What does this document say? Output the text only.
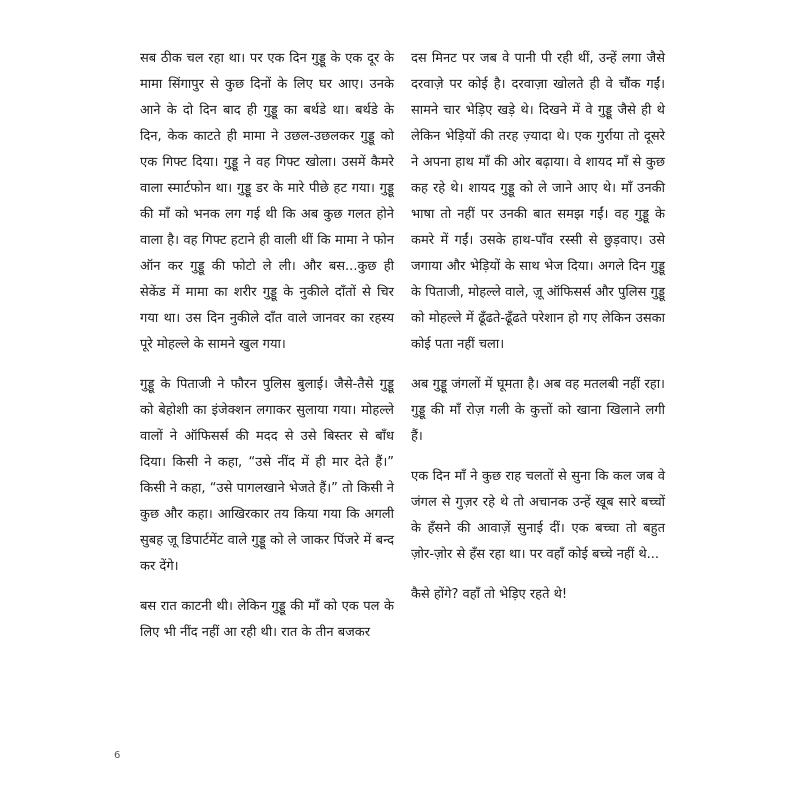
सब ठीक चल रहा था। पर एक दिन गुड्डू के एक दूर के मामा सिंगापुर से कुछ दिनों के लिए घर आए। उनके आने के दो दिन बाद ही गुड्डू का बर्थडे था। बर्थडे के दिन, केक काटते ही मामा ने उछल-उछलकर गुड्डू को एक गिफ्ट दिया। गुड्डू ने वह गिफ्ट खोला। उसमें कैमरे वाला स्मार्टफोन था। गुड्डू डर के मारे पीछे हट गया। गुड्डू की माँ को भनक लग गई थी कि अब कुछ गलत होने वाला है। वह गिफ्ट हटाने ही वाली थीं कि मामा ने फोन ऑन कर गुड्डू की फोटो ले ली। और बस...कुछ ही सेकेंड में मामा का शरीर गुड्डू के नुकीले दाँतों से चिर गया था। उस दिन नुकीले दाँत वाले जानवर का रहस्य पूरे मोहल्ले के सामने खुल गया।

गुड्डू के पिताजी ने फौरन पुलिस बुलाई। जैसे-तैसे गुड्डू को बेहोशी का इंजेक्शन लगाकर सुलाया गया। मोहल्ले वालों ने ऑफिसर्स की मदद से उसे बिस्तर से बाँध दिया। किसी ने कहा, “उसे नींद में ही मार देते हैं।” किसी ने कहा, “उसे पागलखाने भेजते हैं।” तो किसी ने कुछ और कहा। आखिरकार तय किया गया कि अगली सुबह ज़ू डिपार्टमेंट वाले गुड्डू को ले जाकर पिंजरे में बन्द कर देंगे।

बस रात काटनी थी। लेकिन गुड्डू की माँ को एक पल के लिए भी नींद नहीं आ रही थी। रात के तीन बजकर

दस मिनट पर जब वे पानी पी रही थीं, उन्हें लगा जैसे दरवाज़े पर कोई है। दरवाज़ा खोलते ही वे चौंक गईं। सामने चार भेड़िए खड़े थे। दिखने में वे गुड्डू जैसे ही थे लेकिन भेड़ियों की तरह ज़्यादा थे। एक गुर्राया तो दूसरे ने अपना हाथ माँ की ओर बढ़ाया। वे शायद माँ से कुछ कह रहे थे। शायद गुड्डू को ले जाने आए थे। माँ उनकी भाषा तो नहीं पर उनकी बात समझ गईं। वह गुड्डू के कमरे में गईं। उसके हाथ-पाँव रस्सी से छुड़वाए। उसे जगाया और भेड़ियों के साथ भेज दिया। अगले दिन गुड्डू के पिताजी, मोहल्ले वाले, ज़ू ऑफिसर्स और पुलिस गुड्डू को मोहल्ले में ढूँढते-ढूँढते परेशान हो गए लेकिन उसका कोई पता नहीं चला।

अब गुड्डू जंगलों में घूमता है। अब वह मतलबी नहीं रहा। गुड्डू की माँ रोज़ गली के कुत्तों को खाना खिलाने लगी हैं।

एक दिन माँ ने कुछ राह चलतों से सुना कि कल जब वे जंगल से गुज़र रहे थे तो अचानक उन्हें खूब सारे बच्चों के हँसने की आवाज़ें सुनाई दीं। एक बच्चा तो बहुत ज़ोर-ज़ोर से हँस रहा था। पर वहाँ कोई बच्चे नहीं थे...

कैसे होंगे? वहाँ तो भेड़िए रहते थे!

6
